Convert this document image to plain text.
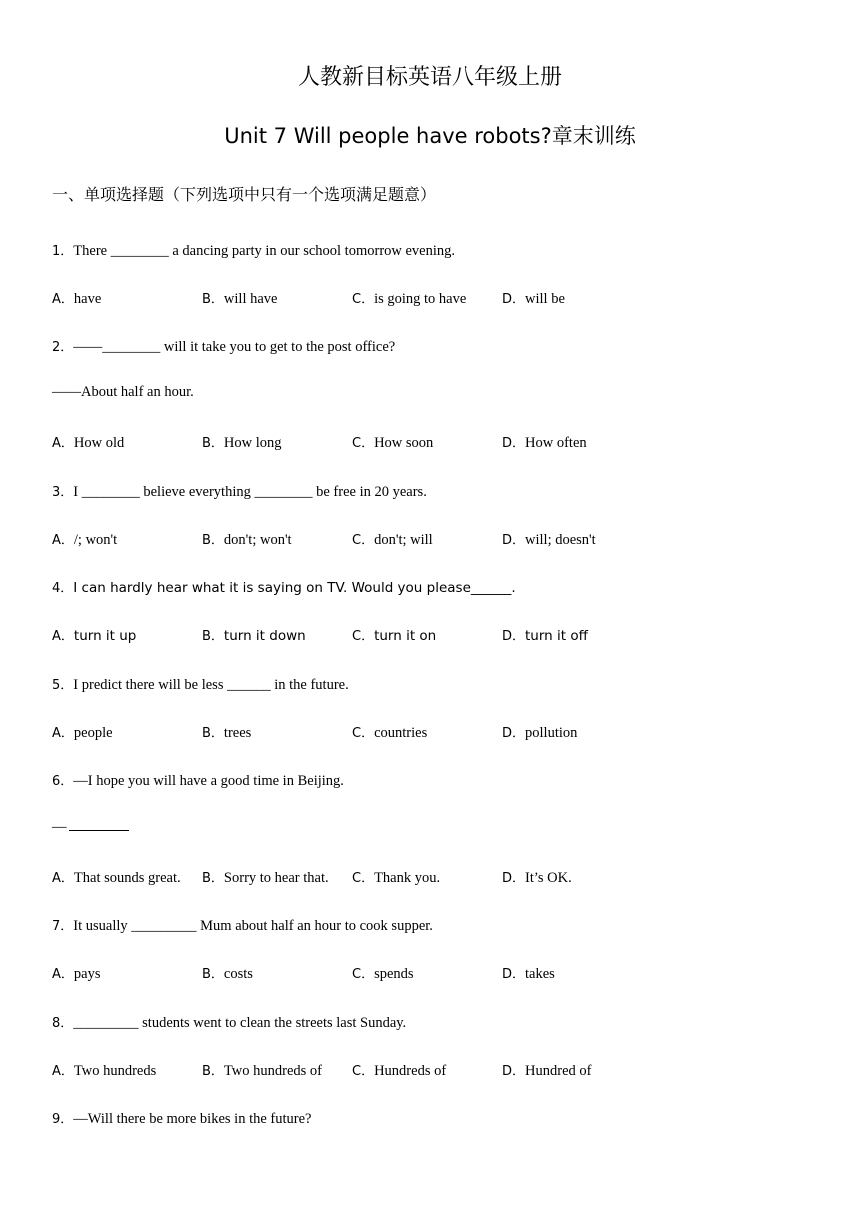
人教新目标英语八年级上册
Unit 7 Will people have robots?章末训练
一、单项选择题（下列选项中只有一个选项满足题意）
1．There ________ a dancing party in our school tomorrow evening.
A．have	B．will have	C．is going to have	D．will be
2．——________ will it take you to get to the post office?
——About half an hour.
A．How old	B．How long	C．How soon	D．How often
3．I ________ believe everything ________ be free in 20 years.
A．/; won't	B．don't; won't	C．don't; will	D．will; doesn't
4．I can hardly hear what it is saying on TV. Would you please______.
A．turn it up	B．turn it down	C．turn it on	D．turn it off
5．I predict there will be less ______ in the future.
A．people	B．trees	C．countries	D．pollution
6．—I hope you will have a good time in Beijing.
—
A．That sounds great. B．Sorry to hear that. C．Thank you.	D．It’s OK.
7．It usually _________ Mum about half an hour to cook supper.
A．pays	B．costs	C．spends	D．takes
8．_________ students went to clean the streets last Sunday.
A．Two hundreds	B．Two hundreds of C．Hundreds of	D．Hundred of
9．—Will there be more bikes in the future?
